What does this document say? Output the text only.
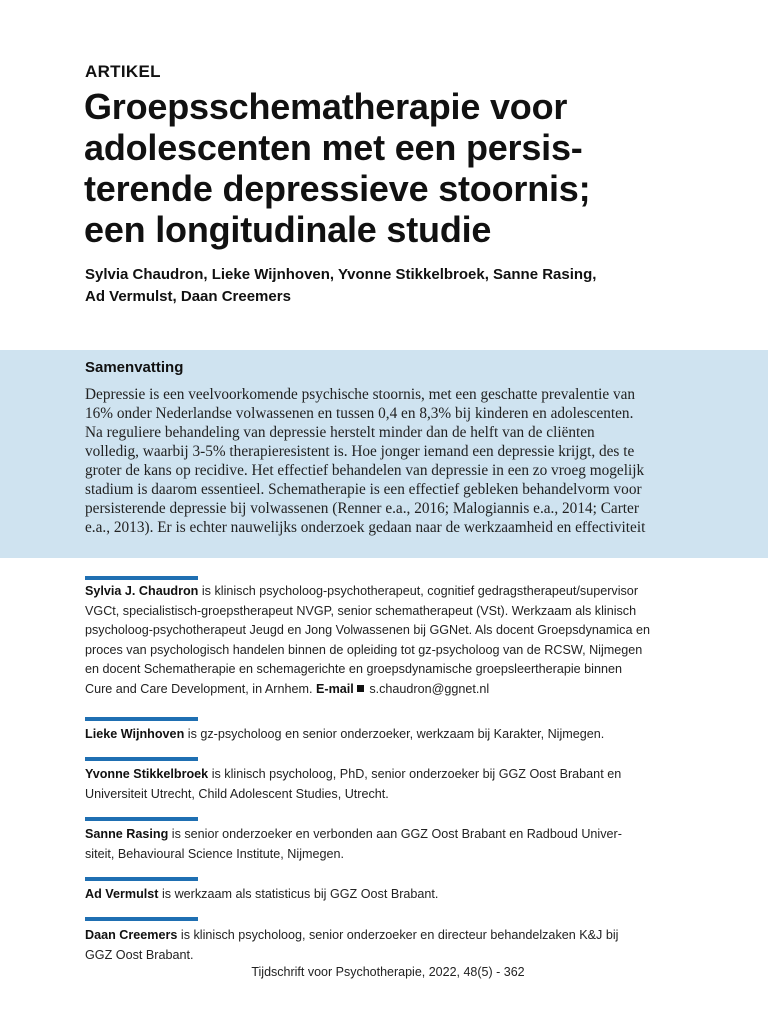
ARTIKEL
Groepsschematherapie voor
adolescenten met een persis-
terende depressieve stoornis;
een longitudinale studie
Sylvia Chaudron, Lieke Wijnhoven, Yvonne Stikkelbroek, Sanne Rasing,
Ad Vermulst, Daan Creemers
Samenvatting
Depressie is een veelvoorkomende psychische stoornis, met een geschatte prevalentie van
16% onder Nederlandse volwassenen en tussen 0,4 en 8,3% bij kinderen en adolescenten.
Na reguliere behandeling van depressie herstelt minder dan de helft van de cliënten
volledig, waarbij 3-5% therapieresistent is. Hoe jonger iemand een depressie krijgt, des te
groter de kans op recidive. Het effectief behandelen van depressie in een zo vroeg mogelijk
stadium is daarom essentieel. Schematherapie is een effectief gebleken behandelvorm voor
persisterende depressie bij volwassenen (Renner e.a., 2016; Malogiannis e.a., 2014; Carter
e.a., 2013). Er is echter nauwelijks onderzoek gedaan naar de werkzaamheid en effectiviteit
Sylvia J. Chaudron is klinisch psycholoog-psychotherapeut, cognitief gedragstherapeut/supervisor
VGCt, specialistisch-groepstherapeut NVGP, senior schematherapeut (VSt). Werkzaam als klinisch
psycholoog-psychotherapeut Jeugd en Jong Volwassenen bij GGNet. Als docent Groepsdynamica en
proces van psychologisch handelen binnen de opleiding tot gz-psycholoog van de RCSW, Nijmegen
en docent Schematherapie en schemagerichte en groepsdynamische groepsleertherapie binnen
Cure and Care Development, in Arnhem. E-mail s.chaudron@ggnet.nl
Lieke Wijnhoven is gz-psycholoog en senior onderzoeker, werkzaam bij Karakter, Nijmegen.
Yvonne Stikkelbroek is klinisch psycholoog, PhD, senior onderzoeker bij GGZ Oost Brabant en
Universiteit Utrecht, Child Adolescent Studies, Utrecht.
Sanne Rasing is senior onderzoeker en verbonden aan GGZ Oost Brabant en Radboud Univer-
siteit, Behavioural Science Institute, Nijmegen.
Ad Vermulst is werkzaam als statisticus bij GGZ Oost Brabant.
Daan Creemers is klinisch psycholoog, senior onderzoeker en directeur behandelzaken K&J bij
GGZ Oost Brabant.
Tijdschrift voor Psychotherapie, 2022, 48(5) - 362
